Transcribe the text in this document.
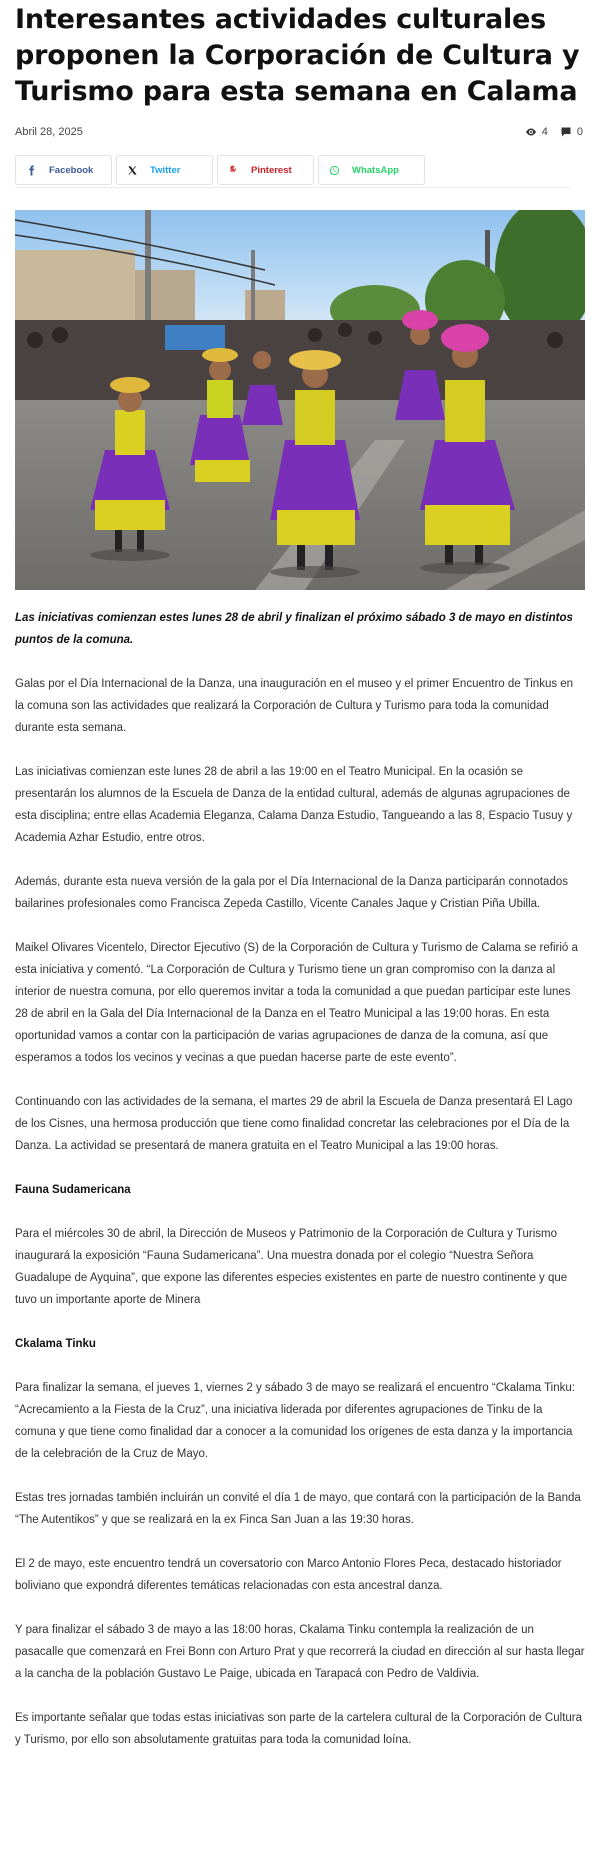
Interesantes actividades culturales proponen la Corporación de Cultura y Turismo para esta semana en Calama
Abril 28, 2025	4	0
Facebook	Twitter	Pinterest	WhatsApp

Las iniciativas comienzan estes lunes 28 de abril y finalizan el próximo sábado 3 de mayo en distintos puntos de la comuna.

Galas por el Día Internacional de la Danza, una inauguración en el museo y el primer Encuentro de Tinkus en la comuna son las actividades que realizará la Corporación de Cultura y Turismo para toda la comunidad durante esta semana.

Las iniciativas comienzan este lunes 28 de abril a las 19:00 en el Teatro Municipal. En la ocasión se presentarán los alumnos de la Escuela de Danza de la entidad cultural, además de algunas agrupaciones de esta disciplina; entre ellas Academia Eleganza, Calama Danza Estudio, Tangueando a las 8, Espacio Tusuy y Academia Azhar Estudio, entre otros.

Además, durante esta nueva versión de la gala por el Día Internacional de la Danza participarán connotados bailarines profesionales como Francisca Zepeda Castillo, Vicente Canales Jaque y Cristian Piña Ubilla.

Maikel Olivares Vicentelo, Director Ejecutivo (S) de la Corporación de Cultura y Turismo de Calama se refirió a esta iniciativa y comentó. “La Corporación de Cultura y Turismo tiene un gran compromiso con la danza al interior de nuestra comuna, por ello queremos invitar a toda la comunidad a que puedan participar este lunes 28 de abril en la Gala del Día Internacional de la Danza en el Teatro Municipal a las 19:00 horas. En esta oportunidad vamos a contar con la participación de varias agrupaciones de danza de la comuna, así que esperamos a todos los vecinos y vecinas a que puedan hacerse parte de este evento”.

Continuando con las actividades de la semana, el martes 29 de abril la Escuela de Danza presentará El Lago de los Cisnes, una hermosa producción que tiene como finalidad concretar las celebraciones por el Día de la Danza. La actividad se presentará de manera gratuita en el Teatro Municipal a las 19:00 horas.

Fauna Sudamericana

Para el miércoles 30 de abril, la Dirección de Museos y Patrimonio de la Corporación de Cultura y Turismo inaugurará la exposición “Fauna Sudamericana”. Una muestra donada por el colegio “Nuestra Señora Guadalupe de Ayquina”, que expone las diferentes especies existentes en parte de nuestro continente y que tuvo un importante aporte de Minera

Ckalama Tinku

Para finalizar la semana, el jueves 1, viernes 2 y sábado 3 de mayo se realizará el encuentro “Ckalama Tinku: “Acrecamiento a la Fiesta de la Cruz”, una iniciativa liderada por diferentes agrupaciones de Tinku de la comuna y que tiene como finalidad dar a conocer a la comunidad los orígenes de esta danza y la importancia de la celebración de la Cruz de Mayo.

Estas tres jornadas también incluirán un convité el día 1 de mayo, que contará con la participación de la Banda “The Autentikos” y que se realizará en la ex Finca San Juan a las 19:30 horas.

El 2 de mayo, este encuentro tendrá un coversatorio con Marco Antonio Flores Peca, destacado historiador boliviano que expondrá diferentes temáticas relacionadas con esta ancestral danza.

Y para finalizar el sábado 3 de mayo a las 18:00 horas, Ckalama Tinku contempla la realización de un pasacalle que comenzará en Frei Bonn con Arturo Prat y que recorrerá la ciudad en dirección al sur hasta llegar a la cancha de la población Gustavo Le Paige, ubicada en Tarapacá con Pedro de Valdivia.

Es importante señalar que todas estas iniciativas son parte de la cartelera cultural de la Corporación de Cultura y Turismo, por ello son absolutamente gratuitas para toda la comunidad loína.
